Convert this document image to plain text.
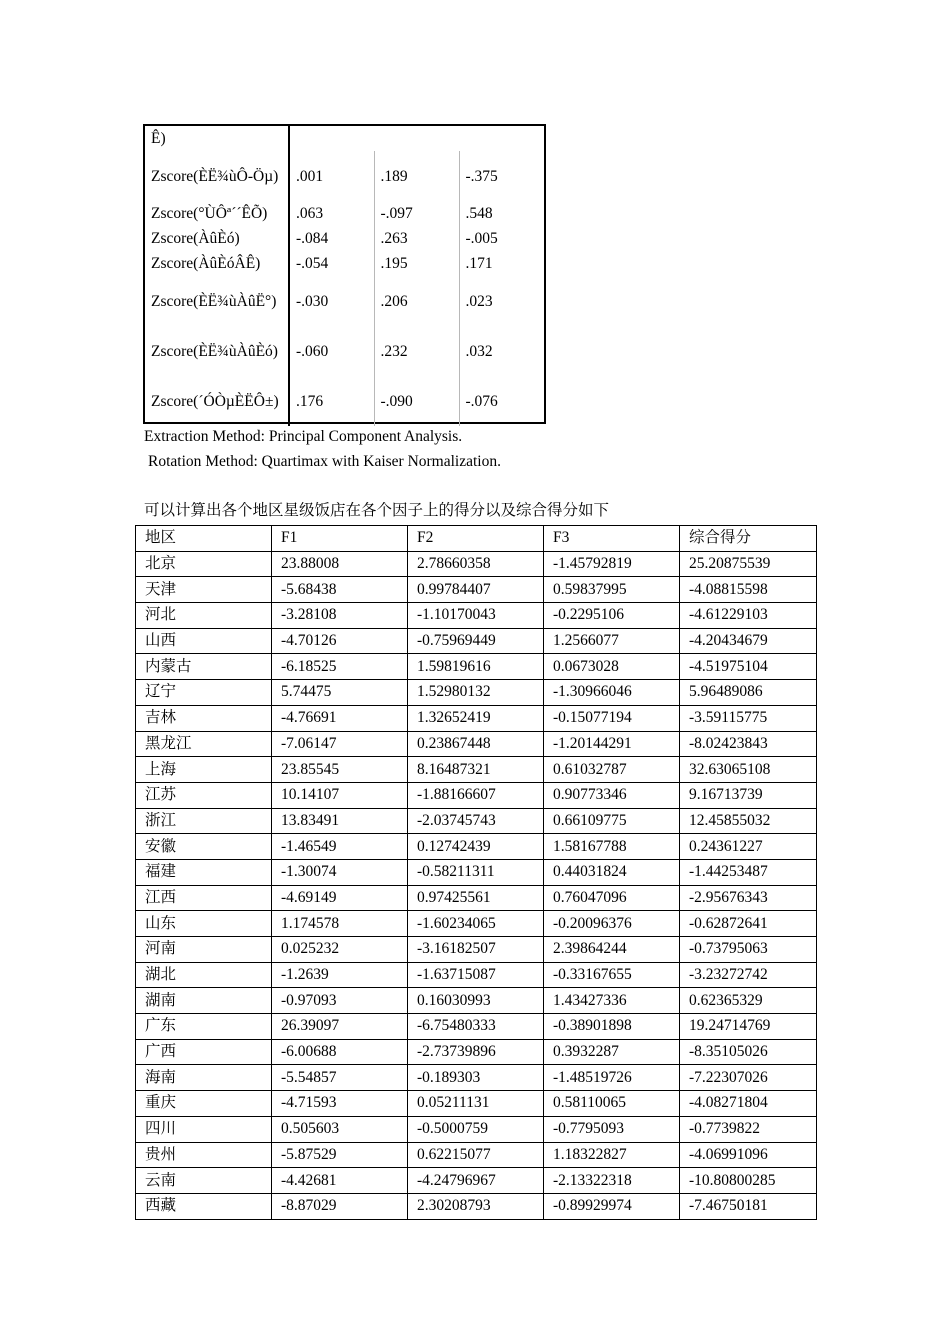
Ê)			
Zscore(ÈË¾ùÔ-Öµ)	.001	.189	-.375
Zscore(°ÙÔª´´ÊÕ)	.063	-.097	.548
Zscore(ÀûÈó)	-.084	.263	-.005
Zscore(ÀûÈóÂÊ)	-.054	.195	.171
Zscore(ÈË¾ùÀûË°)	-.030	.206	.023
Zscore(ÈË¾ùÀûÈó)	-.060	.232	.032
Zscore(´ÓÒµÈËÔ±)	.176	-.090	-.076
Extraction Method: Principal Component Analysis.
Rotation Method: Quartimax with Kaiser Normalization.
可以计算出各个地区星级饭店在各个因子上的得分以及综合得分如下
地区	F1	F2	F3	综合得分
北京	23.88008	2.78660358	-1.45792819	25.20875539
天津	-5.68438	0.99784407	0.59837995	-4.08815598
河北	-3.28108	-1.10170043	-0.2295106	-4.61229103
山西	-4.70126	-0.75969449	1.2566077	-4.20434679
内蒙古	-6.18525	1.59819616	0.0673028	-4.51975104
辽宁	5.74475	1.52980132	-1.30966046	5.96489086
吉林	-4.76691	1.32652419	-0.15077194	-3.59115775
黑龙江	-7.06147	0.23867448	-1.20144291	-8.02423843
上海	23.85545	8.16487321	0.61032787	32.63065108
江苏	10.14107	-1.88166607	0.90773346	9.16713739
浙江	13.83491	-2.03745743	0.66109775	12.45855032
安徽	-1.46549	0.12742439	1.58167788	0.24361227
福建	-1.30074	-0.58211311	0.44031824	-1.44253487
江西	-4.69149	0.97425561	0.76047096	-2.95676343
山东	1.174578	-1.60234065	-0.20096376	-0.62872641
河南	0.025232	-3.16182507	2.39864244	-0.73795063
湖北	-1.2639	-1.63715087	-0.33167655	-3.23272742
湖南	-0.97093	0.16030993	1.43427336	0.62365329
广东	26.39097	-6.75480333	-0.38901898	19.24714769
广西	-6.00688	-2.73739896	0.3932287	-8.35105026
海南	-5.54857	-0.189303	-1.48519726	-7.22307026
重庆	-4.71593	0.05211131	0.58110065	-4.08271804
四川	0.505603	-0.5000759	-0.7795093	-0.7739822
贵州	-5.87529	0.62215077	1.18322827	-4.06991096
云南	-4.42681	-4.24796967	-2.13322318	-10.80800285
西藏	-8.87029	2.30208793	-0.89929974	-7.46750181
